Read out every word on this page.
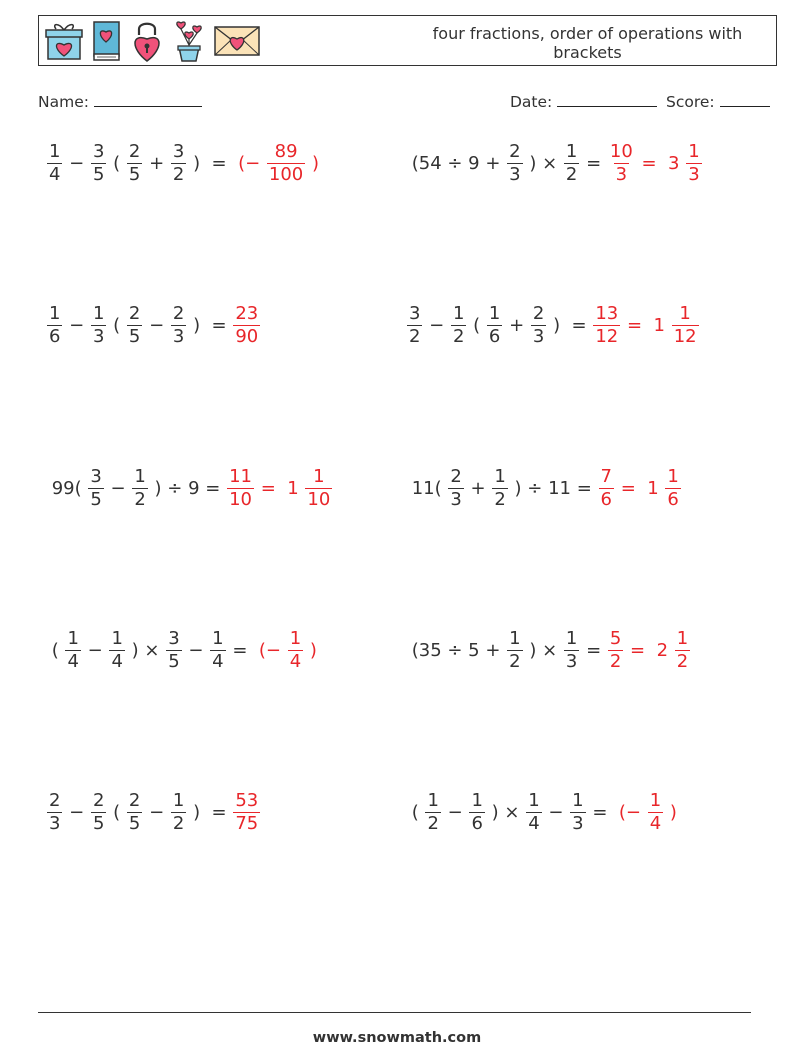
four fractions, order of operations with brackets
Name:	Date:	Score:
$\frac{1}{4} - \frac{3}{5}$ ( $\frac{2}{5} + \frac{3}{2}$ ) = (− $\frac{89}{100}$ )	($54 \div 9 + \frac{2}{3}$ ) × $\frac{1}{2} = \frac{10}{3} = 3 \frac{1}{3}$
$\frac{1}{6} - \frac{1}{3}$ ( $\frac{2}{5} - \frac{2}{3}$ ) = $\frac{23}{90}$	$\frac{3}{2} - \frac{1}{2}$ ( $\frac{1}{6} + \frac{2}{3}$ ) = $\frac{13}{12} = 1 \frac{1}{12}$
$99( \frac{3}{5} - \frac{1}{2}$ ) ÷ $9 = \frac{11}{10} = 1 \frac{1}{10}$	$11( \frac{2}{3} + \frac{1}{2}$ ) ÷ $11 = \frac{7}{6} = 1 \frac{1}{6}$
( $\frac{1}{4} - \frac{1}{4}$ ) × $\frac{3}{5} - \frac{1}{4}$ = (− $\frac{1}{4}$ )	($35 \div 5 + \frac{1}{2}$ ) × $\frac{1}{3} = \frac{5}{2} = 2 \frac{1}{2}$
$\frac{2}{3} - \frac{2}{5}$ ( $\frac{2}{5} - \frac{1}{2}$ ) = $\frac{53}{75}$	( $\frac{1}{2} - \frac{1}{6}$ ) × $\frac{1}{4} - \frac{1}{3}$ = (− $\frac{1}{4}$ )
www.snowmath.com
